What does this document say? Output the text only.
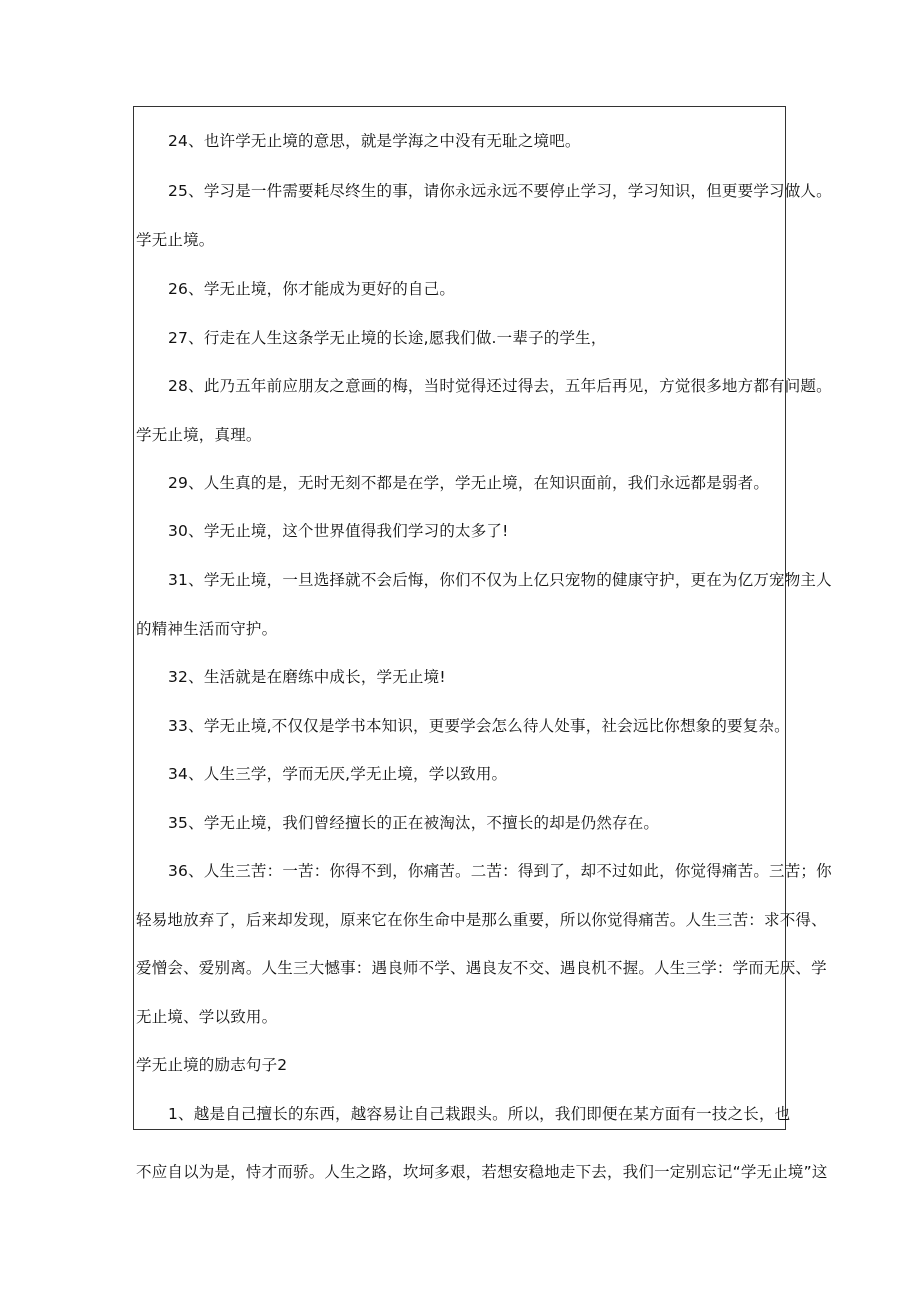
24、也许学无止境的意思，就是学海之中没有无耻之境吧。
25、学习是一件需要耗尽终生的事，请你永远永远不要停止学习，学习知识，但更要学习做人。
学无止境。
26、学无止境，你才能成为更好的自己。
27、行走在人生这条学无止境的长途,愿我们做.一辈子的学生，
28、此乃五年前应朋友之意画的梅，当时觉得还过得去，五年后再见，方觉很多地方都有问题。
学无止境，真理。
29、人生真的是，无时无刻不都是在学，学无止境，在知识面前，我们永远都是弱者。
30、学无止境，这个世界值得我们学习的太多了!
31、学无止境，一旦选择就不会后悔，你们不仅为上亿只宠物的健康守护，更在为亿万宠物主人
的精神生活而守护。
32、生活就是在磨练中成长，学无止境!
33、学无止境,不仅仅是学书本知识，更要学会怎么待人处事，社会远比你想象的要复杂。
34、人生三学，学而无厌,学无止境，学以致用。
35、学无止境，我们曾经擅长的正在被淘汰，不擅长的却是仍然存在。
36、人生三苦：一苦：你得不到，你痛苦。二苦：得到了，却不过如此，你觉得痛苦。三苦；你
轻易地放弃了，后来却发现，原来它在你生命中是那么重要，所以你觉得痛苦。人生三苦：求不得、
爱憎会、爱别离。人生三大憾事：遇良师不学、遇良友不交、遇良机不握。人生三学：学而无厌、学
无止境、学以致用。
学无止境的励志句子2
1、越是自己擅长的东西，越容易让自己栽跟头。所以，我们即便在某方面有一技之长，也
不应自以为是，恃才而骄。人生之路，坎坷多艰，若想安稳地走下去，我们一定别忘记“学无止境”这
